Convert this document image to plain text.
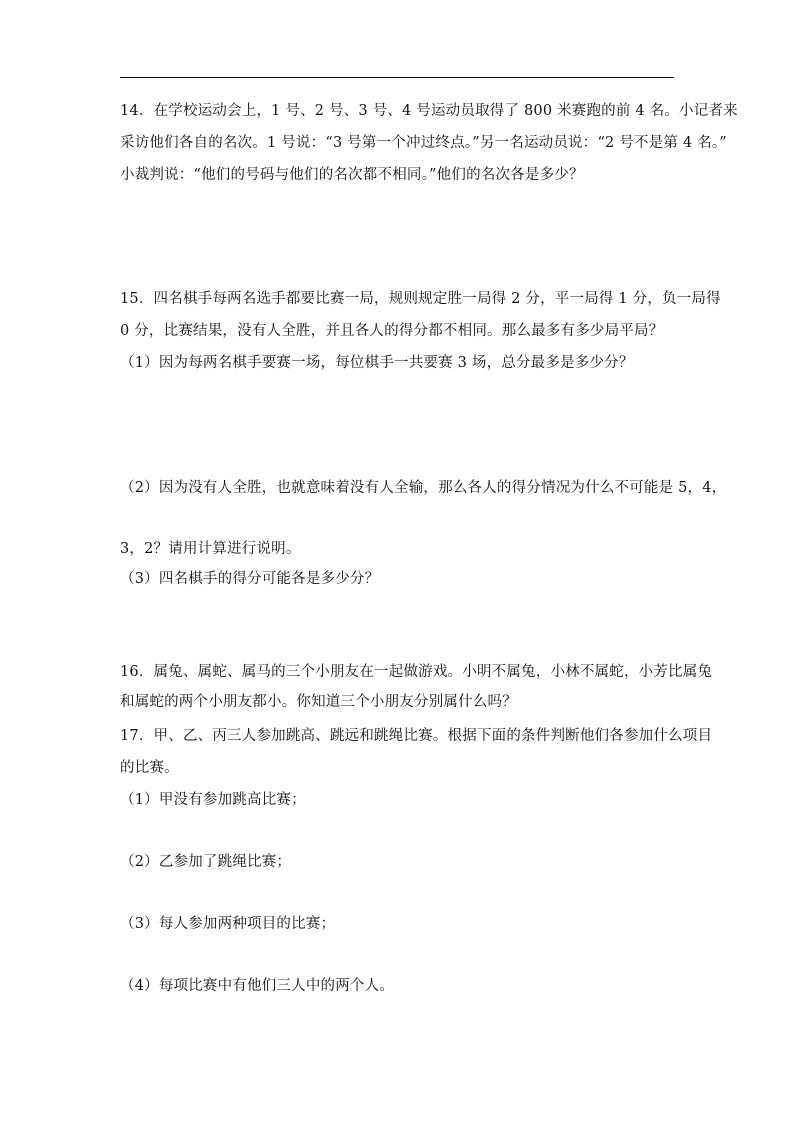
14．在学校运动会上，1 号、2 号、3 号、4 号运动员取得了 800 米赛跑的前 4 名。小记者来
采访他们各自的名次。1 号说：“3 号第一个冲过终点。”另一名运动员说：“2 号不是第 4 名。”
小裁判说：“他们的号码与他们的名次都不相同。”他们的名次各是多少？
15．四名棋手每两名选手都要比赛一局，规则规定胜一局得 2 分，平一局得 1 分，负一局得
0 分，比赛结果，没有人全胜，并且各人的得分都不相同。那么最多有多少局平局？
（1）因为每两名棋手要赛一场，每位棋手一共要赛 3 场，总分最多是多少分？
（2）因为没有人全胜，也就意味着没有人全输，那么各人的得分情况为什么不可能是 5，4，
3，2？请用计算进行说明。
（3）四名棋手的得分可能各是多少分？
16．属兔、属蛇、属马的三个小朋友在一起做游戏。小明不属兔，小林不属蛇，小芳比属兔
和属蛇的两个小朋友都小。你知道三个小朋友分别属什么吗？
17．甲、乙、丙三人参加跳高、跳远和跳绳比赛。根据下面的条件判断他们各参加什么项目
的比赛。
（1）甲没有参加跳高比赛；
（2）乙参加了跳绳比赛；
（3）每人参加两种项目的比赛；
（4）每项比赛中有他们三人中的两个人。
